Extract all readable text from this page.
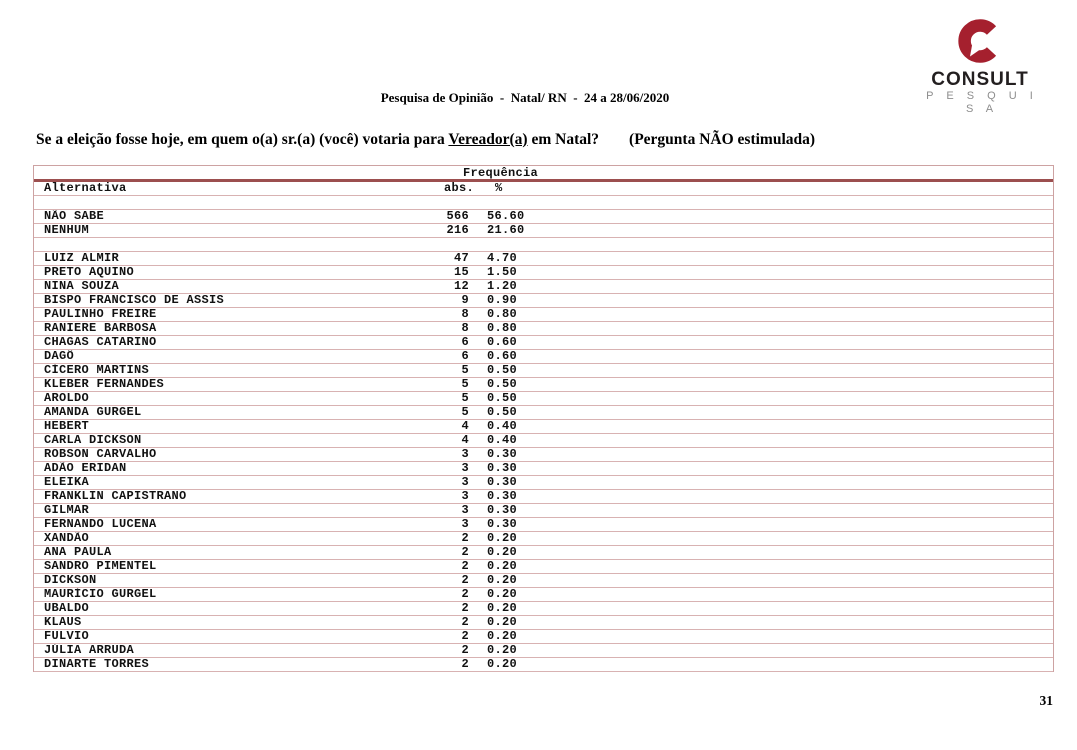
Pesquisa de Opinião  -  Natal/ RN  -  24 a 28/06/2020
CONSULT
P E S Q U I S A
Se a eleição fosse hoje, em quem o(a) sr.(a) (você) votaria para Vereador(a) em Natal? (Pergunta NÃO estimulada)
Frequência
Alternativa	abs.	%
NÃO SABE	566	56.60
NENHUM	216	21.60
LUIZ ALMIR	47	4.70
PRETO AQUINO	15	1.50
NINA SOUZA	12	1.20
BISPO FRANCISCO DE ASSIS	9	0.90
PAULINHO FREIRE	8	0.80
RANIERE BARBOSA	8	0.80
CHAGAS CATARINO	6	0.60
DAGÔ	6	0.60
CÍCERO MARTINS	5	0.50
KLEBER FERNANDES	5	0.50
AROLDO	5	0.50
AMANDA GURGEL	5	0.50
HEBERT	4	0.40
CARLA DICKSON	4	0.40
ROBSON CARVALHO	3	0.30
ADÃO ERIDAN	3	0.30
ELEIKA	3	0.30
FRANKLIN CAPISTRANO	3	0.30
GILMAR	3	0.30
FERNANDO LUCENA	3	0.30
XANDÃO	2	0.20
ANA PAULA	2	0.20
SANDRO PIMENTEL	2	0.20
DICKSON	2	0.20
MAURÍCIO GURGEL	2	0.20
UBALDO	2	0.20
KLAUS	2	0.20
FULVIO	2	0.20
JÚLIA ARRUDA	2	0.20
DINARTE TORRES	2	0.20
31
